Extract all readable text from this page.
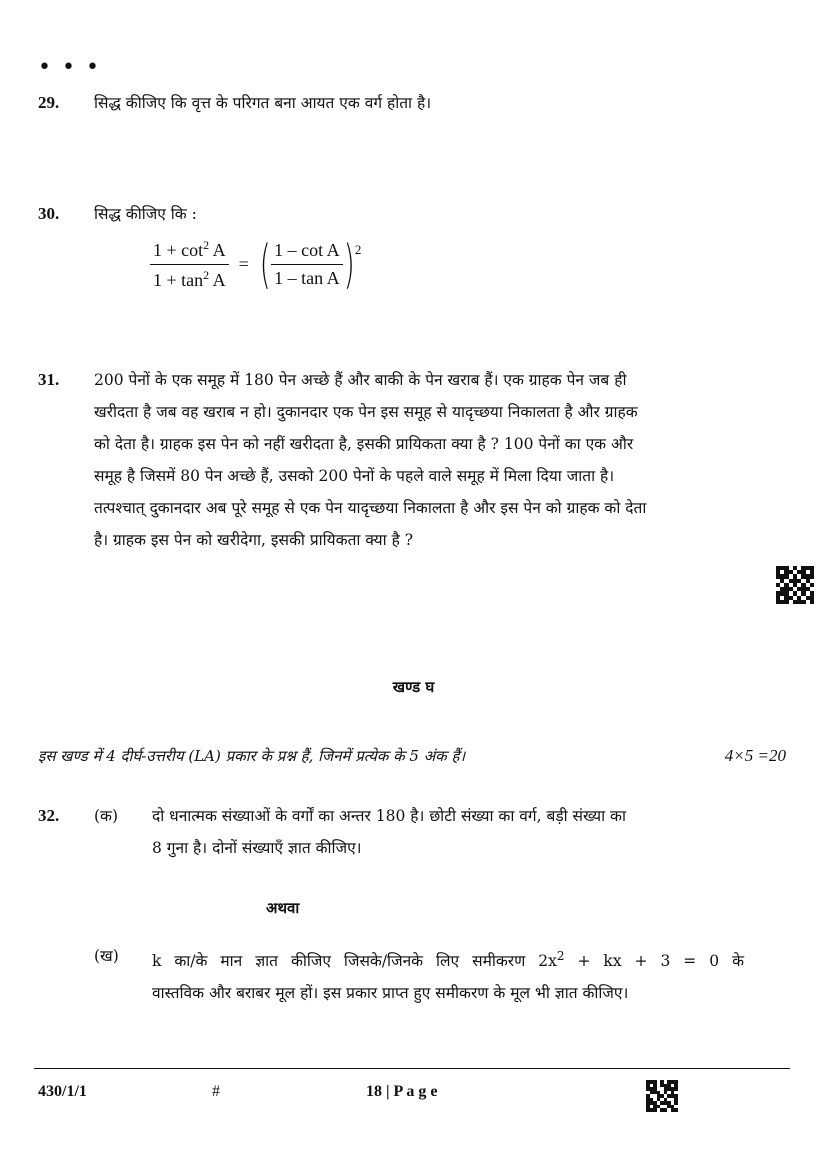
• • •
29. सिद्ध कीजिए कि वृत्त के परिगत बना आयत एक वर्ग होता है।
30. सिद्ध कीजिए कि :
$\frac{1 + \cot^2 A}{1 + \tan^2 A}$ = ( $\frac{\text{1 – cot A}}{\text{1 – tan A}} )^2$
31. 200 पेनों के एक समूह में 180 पेन अच्छे हैं और बाकी के पेन खराब हैं। एक ग्राहक पेन जब ही
खरीदता है जब वह खराब न हो। दुकानदार एक पेन इस समूह से यादृच्छया निकालता है और ग्राहक
को देता है। ग्राहक इस पेन को नहीं खरीदता है, इसकी प्रायिकता क्या है ? 100 पेनों का एक और
समूह है जिसमें 80 पेन अच्छे हैं, उसको 200 पेनों के पहले वाले समूह में मिला दिया जाता है।
तत्पश्चात् दुकानदार अब पूरे समूह से एक पेन यादृच्छया निकालता है और इस पेन को ग्राहक को देता
है। ग्राहक इस पेन को खरीदेगा, इसकी प्रायिकता क्या है ?
खण्ड घ
इस खण्ड में 4 दीर्घ-उत्तरीय (LA) प्रकार के प्रश्न हैं, जिनमें प्रत्येक के 5 अंक हैं।	4×5 =20
32. (क) दो धनात्मक संख्याओं के वर्गों का अन्तर 180 है। छोटी संख्या का वर्ग, बड़ी संख्या का
8 गुना है। दोनों संख्याएँ ज्ञात कीजिए।
अथवा
(ख) k का/के मान ज्ञात कीजिए जिसके/जिनके लिए समीकरण $2x^2$ + kx + 3 = 0 के
वास्तविक और बराबर मूल हों। इस प्रकार प्राप्त हुए समीकरण के मूल भी ज्ञात कीजिए।
430/1/1	#	18 | P a g e
